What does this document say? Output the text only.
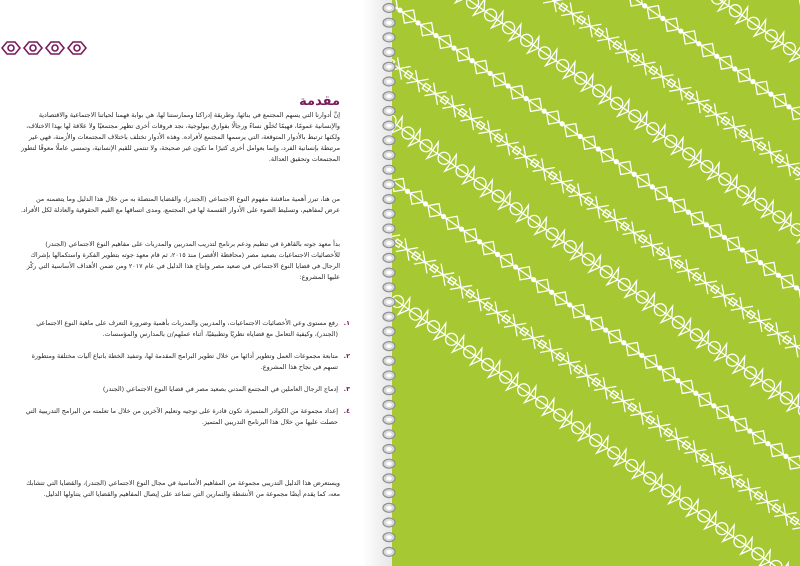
مقدمة

إنَّ أدوارنا التي يسهم المجتمع في بنائها، وطريقة إدراكنا وممارستنا لها، هي بوابة فهمنا لحياتنا الاجتماعية والاقتصادية والإنسانية عمومًا، فهيمًا تُخلَق نساءً ورجالًا بفوارق بيولوجية، نجد فروقات أخرى تظهر مجتمعيًا ولا علاقة لها بهذا الاختلاف، ولكنها ترتبط بالأدوار المتوقعة، التي يرسمها المجتمع لأفراده. وهذه الأدوار تختلف باختلاف المجتمعات والأزمنة، فهي غير مرتبطة بإنسانية الفرد، وإنما بعوامل أخرى كثيرًا ما تكون غير صحيحة، ولا تنتمي للقيم الإنسانية، وتمسي عاملًا معوقًا لتطور المجتمعات وتحقيق العدالة.

من هنا، تبرز أهمية مناقشة مفهوم النوع الاجتماعي (الجندر)، والقضايا المتصلة به من خلال هذا الدليل وما يتضمنه من عرض لمفاهيم، وتسليط الضوء على الأدوار القسمة لها في المجتمع، ومدى اتساقها مع القيم الحقوقية والعادلة لكل الأفراد.

بدأ معهد جوته بالقاهرة في تنظيم ودعم برنامج لتدريب المدربين والمدربات على مفاهيم النوع الاجتماعي (الجندر) للأخصائيات الاجتماعيات بصعيد مصر (محافظة الأقصر) منذ ٢٠١٥، ثم قام معهد جوته بتطوير الفكرة واستكمالها بإشراك الرجال في قضايا النوع الاجتماعي في صعيد مصر وإنتاج هذا الدليل في عام ٢٠١٧ ومن ضمن الأهداف الأساسية التي ركّز عليها المشروع:

١.
رفع مستوى وعي الأخصائيات الاجتماعيات، والمدربين والمدربات بأهمية وضرورة التعرف على ماهية النوع الاجتماعي (الجندر)، وكيفية التعامل مع قضاياه نظريًا وتطبيقيًا، أثناء عملهم/ن بالمدارس والمؤسسات.
٢.
متابعة مجموعات العمل وتطوير أدائها من خلال تطوير البرامج المقدمة لها، وتنفيذ الخطة باتباع آليات مختلفة ومتطورة تسهم في نجاح هذا المشروع.
٣.
إدماج الرجال العاملين في المجتمع المدني بصعيد مصر في قضايا النوع الاجتماعي (الجندر)
٤.
إعداد مجموعة من الكوادر المتميزة، تكون قادرة على توجيه وتعليم الآخرين من خلال ما تعلمته من البرامج التدريبية التي حصلت عليها من خلال هذا البرنامج التدريبي المتميز.

ويستعرض هذا الدليل التدريبي مجموعة من المفاهيم الأساسية في مجال النوع الاجتماعي (الجندر)، والقضايا التي تتشابك معه، كما يقدم أيضًا مجموعة من الأنشطة والتمارين التي تساعد على إيصال المفاهيم والقضايا التي يتناولها الدليل.
